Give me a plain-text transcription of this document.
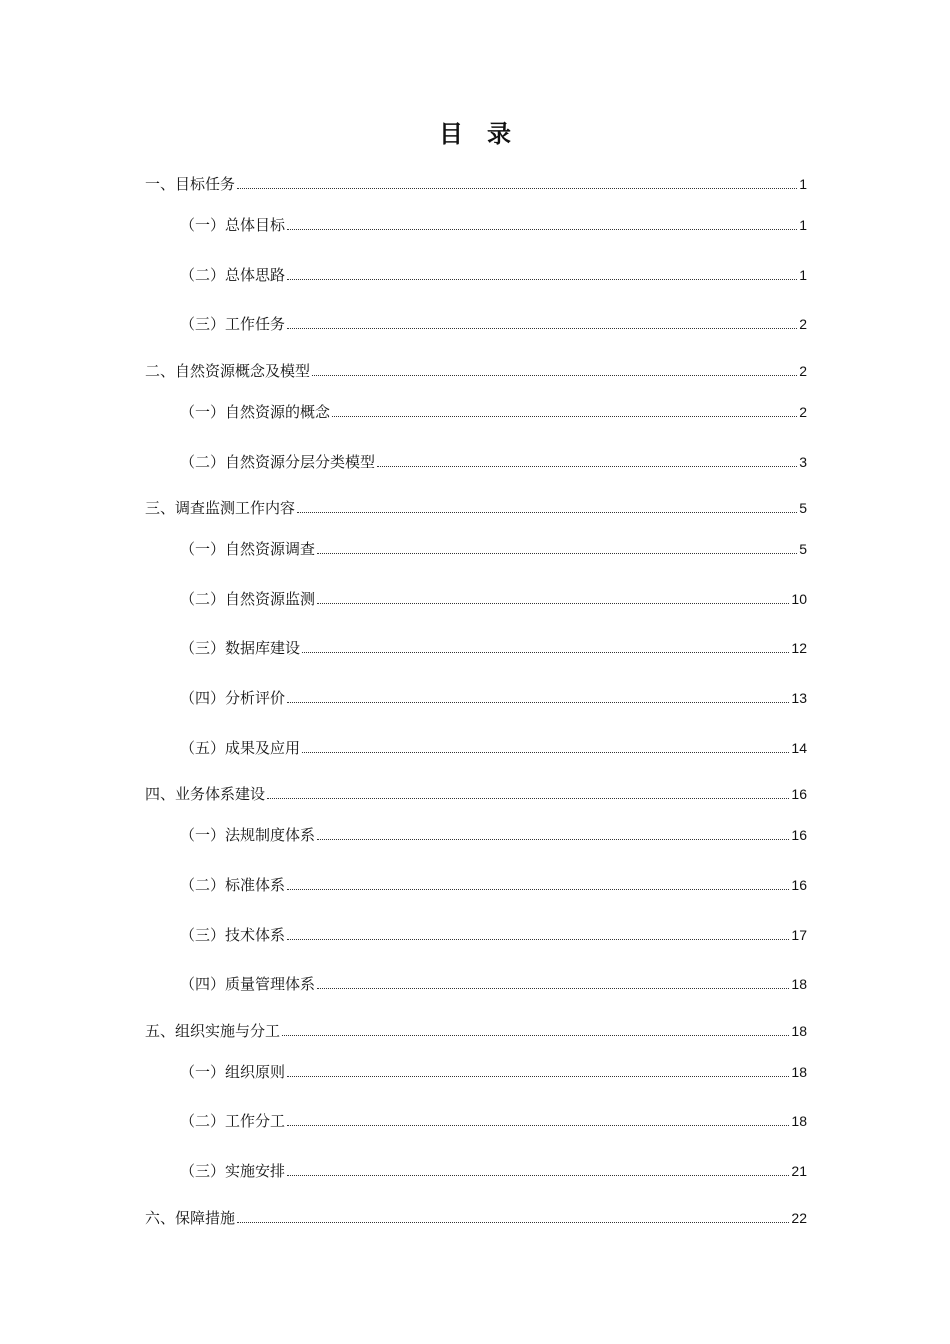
目　录
一、目标任务	1
（一）总体目标	1
（二）总体思路	1
（三）工作任务	2
二、自然资源概念及模型	2
（一）自然资源的概念	2
（二）自然资源分层分类模型	3
三、调查监测工作内容	5
（一）自然资源调查	5
（二）自然资源监测	10
（三）数据库建设	12
（四）分析评价	13
（五）成果及应用	14
四、业务体系建设	16
（一）法规制度体系	16
（二）标准体系	16
（三）技术体系	17
（四）质量管理体系	18
五、组织实施与分工	18
（一）组织原则	18
（二）工作分工	18
（三）实施安排	21
六、保障措施	22
